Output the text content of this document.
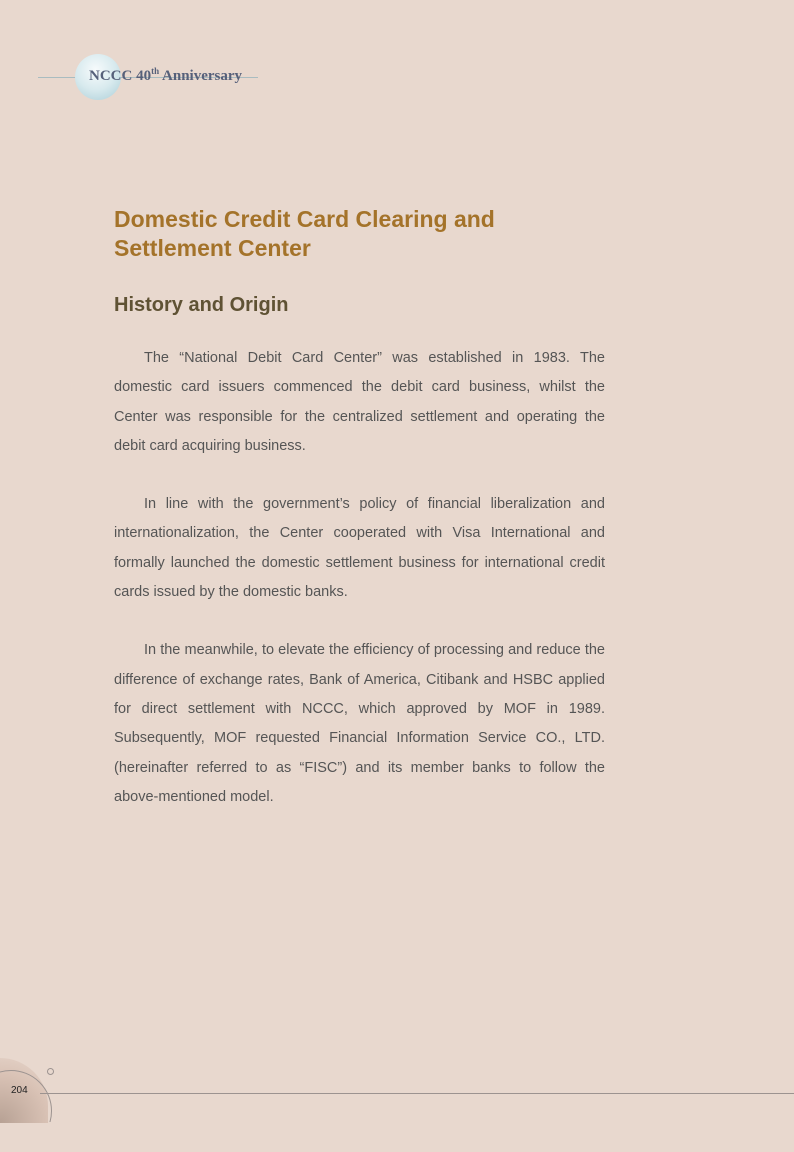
NCCC 40th Anniversary
Domestic Credit Card Clearing and Settlement Center
History and Origin

The “National Debit Card Center” was established in 1983. The domestic card issuers commenced the debit card business, whilst the Center was responsible for the centralized settlement and operating the debit card acquiring business.

In line with the government’s policy of financial liberalization and internationalization, the Center cooperated with Visa International and formally launched the domestic settlement business for international credit cards issued by the domestic banks.

In the meanwhile, to elevate the efficiency of processing and reduce the difference of exchange rates, Bank of America, Citibank and HSBC applied for direct settlement with NCCC, which approved by MOF in 1989. Subsequently, MOF requested Financial Information Service CO., LTD. (hereinafter referred to as “FISC”) and its member banks to follow the above-mentioned model.

204
